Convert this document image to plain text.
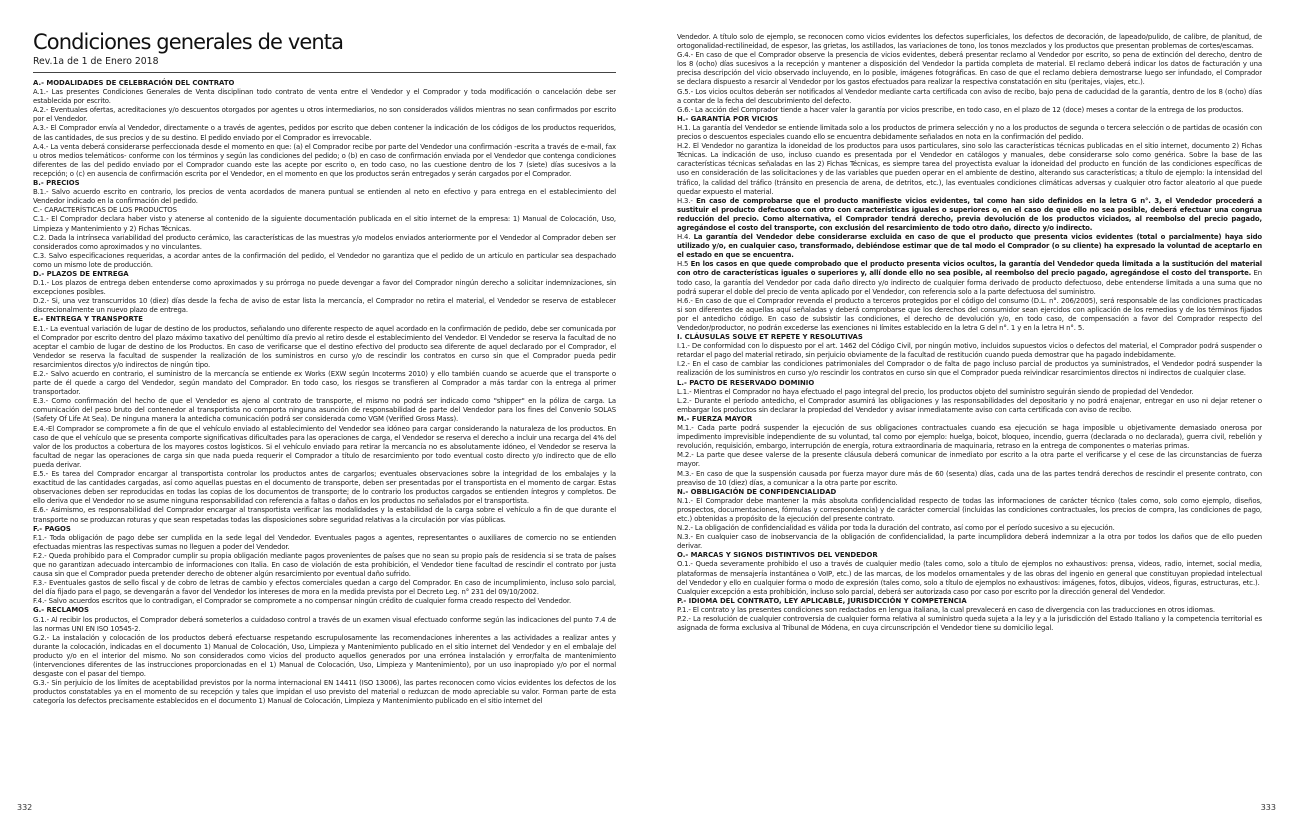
Condiciones generales de venta
Rev.1a de 1 de Enero 2018
A.- MODALIDADES DE CELEBRACIÓN DEL CONTRATO
A.1.- Las presentes Condiciones Generales de Venta disciplinan todo contrato de venta entre el Vendedor y el Comprador y toda modificación o cancelación debe ser establecida por escrito.
A.2.- Eventuales ofertas, acreditaciones y/o descuentos otorgados por agentes u otros intermediarios, no son considerados válidos mientras no sean confirmados por escrito por el Vendedor.
A.3.- El Comprador envía al Vendedor, directamente o a través de agentes, pedidos por escrito que deben contener la indicación de los códigos de los productos requeridos, de las cantidades, de sus precios y de su destino. El pedido enviado por el Comprador es irrevocable.
A.4.- La venta deberá considerarse perfeccionada desde el momento en que: (a) el Comprador recibe por parte del Vendedor una confirmación -escrita a través de e-mail, fax u otros medios telemáticos- conforme con los términos y según las condiciones del pedido; o (b) en caso de confirmación enviada por el Vendedor que contenga condiciones diferentes de las del pedido enviado por el Comprador cuando este las acepte por escrito o, en todo caso, no las cuestione dentro de los 7 (siete) días sucesivos a la recepción; o (c) en ausencia de confirmación escrita por el Vendedor, en el momento en que los productos serán entregados y serán cargados por el Comprador.
B.- PRECIOS
B.1.- Salvo acuerdo escrito en contrario, los precios de venta acordados de manera puntual se entienden al neto en efectivo y para entrega en el establecimiento del Vendedor indicado en la confirmación del pedido.
C.- CARACTERÍSTICAS DE LOS PRODUCTOS
C.1.- El Comprador declara haber visto y atenerse al contenido de la siguiente documentación publicada en el sitio internet de la empresa: 1) Manual de Colocación, Uso, Limpieza y Mantenimiento y 2) Fichas Técnicas.
C.2. Dada la intrínseca variabilidad del producto cerámico, las características de las muestras y/o modelos enviados anteriormente por el Vendedor al Comprador deben ser considerados como aproximados y no vinculantes.
C.3. Salvo especificaciones requeridas, a acordar antes de la confirmación del pedido, el Vendedor no garantiza que el pedido de un artículo en particular sea despachado como un mismo lote de producción.
D.- PLAZOS DE ENTREGA
D.1.- Los plazos de entrega deben entenderse como aproximados y su prórroga no puede devengar a favor del Comprador ningún derecho a solicitar indemnizaciones, sin excepciones posibles.
D.2.- Si, una vez transcurridos 10 (diez) días desde la fecha de aviso de estar lista la mercancía, el Comprador no retira el material, el Vendedor se reserva de establecer discrecionalmente un nuevo plazo de entrega.
E.- ENTREGA Y TRANSPORTE
E.1.- La eventual variación de lugar de destino de los productos, señalando uno diferente respecto de aquel acordado en la confirmación de pedido, debe ser comunicada por el Comprador por escrito dentro del plazo máximo taxativo del penúltimo día previo al retiro desde el establecimiento del Vendedor. El Vendedor se reserva la facultad de no aceptar el cambio de lugar de destino de los Productos. En caso de verificarse que el destino efectivo del producto sea diferente de aquel declarado por el Comprador, el Vendedor se reserva la facultad de suspender la realización de los suministros en curso y/o de rescindir los contratos en curso sin que el Comprador pueda pedir resarcimientos directos y/o indirectos de ningún tipo.
E.2.- Salvo acuerdo en contrario, el suministro de la mercancía se entiende ex Works (EXW según Incoterms 2010) y ello también cuando se acuerde que el transporte o parte de él quede a cargo del Vendedor, según mandato del Comprador. En todo caso, los riesgos se transfieren al Comprador a más tardar con la entrega al primer transportador.
E.3.- Como confirmación del hecho de que el Vendedor es ajeno al contrato de transporte, el mismo no podrá ser indicado como "shipper" en la póliza de carga. La comunicación del peso bruto del contenedor al transportista no comporta ninguna asunción de responsabilidad de parte del Vendedor para los fines del Convenio SOLAS (Safety Of Life At Sea). De ninguna manera la antedicha comunicación podrá ser considerada como VGM (Verified Gross Mass).
E.4.-El Comprador se compromete a fin de que el vehículo enviado al establecimiento del Vendedor sea idóneo para cargar considerando la naturaleza de los productos. En caso de que el vehículo que se presenta comporte significativas dificultades para las operaciones de carga, el Vendedor se reserva el derecho a incluir una recarga del 4% del valor de los productos a cobertura de los mayores costos logísticos. Si el vehículo enviado para retirar la mercancía no es absolutamente idóneo, el Vendedor se reserva la facultad de negar las operaciones de carga sin que nada pueda requerir el Comprador a título de resarcimiento por todo eventual costo directo y/o indirecto que de ello pueda derivar.
E.5.- Es tarea del Comprador encargar al transportista controlar los productos antes de cargarlos; eventuales observaciones sobre la integridad de los embalajes y la exactitud de las cantidades cargadas, así como aquellas puestas en el documento de transporte, deben ser presentadas por el transportista en el momento de cargar. Estas observaciones deben ser reproducidas en todas las copias de los documentos de transporte; de lo contrario los productos cargados se entienden íntegros y completos. De ello deriva que el Vendedor no se asume ninguna responsabilidad con referencia a faltas o daños en los productos no señalados por el transportista.
E.6.- Asimismo, es responsabilidad del Comprador encargar al transportista verificar las modalidades y la estabilidad de la carga sobre el vehículo a fin de que durante el transporte no se produzcan roturas y que sean respetadas todas las disposiciones sobre seguridad relativas a la circulación por vías públicas.
F.- PAGOS
F.1.- Toda obligación de pago debe ser cumplida en la sede legal del Vendedor. Eventuales pagos a agentes, representantes o auxiliares de comercio no se entienden efectuadas mientras las respectivas sumas no lleguen a poder del Vendedor.
F.2.- Queda prohibido para el Comprador cumplir su propia obligación mediante pagos provenientes de países que no sean su propio país de residencia si se trata de países que no garantizan adecuado intercambio de informaciones con Italia. En caso de violación de esta prohibición, el Vendedor tiene facultad de rescindir el contrato por justa causa sin que el Comprador pueda pretender derecho de obtener algún resarcimiento por eventual daño sufrido.
F.3.- Eventuales gastos de sello fiscal y de cobro de letras de cambio y efectos comerciales quedan a cargo del Comprador. En caso de incumplimiento, incluso solo parcial, del día fijado para el pago, se devengarán a favor del Vendedor los intereses de mora en la medida prevista por el Decreto Leg. n° 231 del 09/10/2002.
F.4.- Salvo acuerdos escritos que lo contradigan, el Comprador se compromete a no compensar ningún crédito de cualquier forma creado respecto del Vendedor.
G.- RECLAMOS
G.1.- Al recibir los productos, el Comprador deberá someterlos a cuidadoso control a través de un examen visual efectuado conforme según las indicaciones del punto 7.4 de las normas UNI EN ISO 10545-2.
G.2.- La instalación y colocación de los productos deberá efectuarse respetando escrupulosamente las recomendaciones inherentes a las actividades a realizar antes y durante la colocación, indicadas en el documento 1) Manual de Colocación, Uso, Limpieza y Mantenimiento publicado en el sitio internet del Vendedor y en el embalaje del producto y/o en el interior del mismo. No son considerados como vicios del producto aquellos generados por una errónea instalación y error/falta de mantenimiento (intervenciones diferentes de las instrucciones proporcionadas en el 1) Manual de Colocación, Uso, Limpieza y Mantenimiento), por un uso inapropiado y/o por el normal desgaste con el pasar del tiempo.
G.3.- Sin perjuicio de los límites de aceptabilidad previstos por la norma internacional EN 14411 (ISO 13006), las partes reconocen como vicios evidentes los defectos de los productos constatables ya en el momento de su recepción y tales que impidan el uso previsto del material o reduzcan de modo apreciable su valor. Forman parte de esta categoría los defectos precisamente establecidos en el documento 1) Manual de Colocación, Limpieza y Mantenimiento publicado en el sitio internet del
332
Vendedor. A título solo de ejemplo, se reconocen como vicios evidentes los defectos superficiales, los defectos de decoración, de lapeado/pulido, de calibre, de planitud, de ortogonalidad-rectilineidad, de espesor, las grietas, los astillados, las variaciones de tono, los tonos mezclados y los productos que presentan problemas de cortes/escamas.
G.4.- En caso de que el Comprador observe la presencia de vicios evidentes, deberá presentar reclamo al Vendedor por escrito, so pena de extinción del derecho, dentro de los 8 (ocho) días sucesivos a la recepción y mantener a disposición del Vendedor la partida completa de material. El reclamo deberá indicar los datos de facturación y una precisa descripción del vicio observado incluyendo, en lo posible, imágenes fotográficas. En caso de que el reclamo debiera demostrarse luego ser infundado, el Comprador se declara dispuesto a resarcir al Vendedor por los gastos efectuados para realizar la respectiva constatación en situ (peritajes, viajes, etc.).
G.5.- Los vicios ocultos deberán ser notificados al Vendedor mediante carta certificada con aviso de recibo, bajo pena de caducidad de la garantía, dentro de los 8 (ocho) días a contar de la fecha del descubrimiento del defecto.
G.6.- La acción del Comprador tiende a hacer valer la garantía por vicios prescribe, en todo caso, en el plazo de 12 (doce) meses a contar de la entrega de los productos.
H.- GARANTÍA POR VICIOS
H.1. La garantía del Vendedor se entiende limitada solo a los productos de primera selección y no a los productos de segunda o tercera selección o de partidas de ocasión con precios o descuentos especiales cuando ello se encuentra debidamente señalados en nota en la confirmación del pedido.
H.2. El Vendedor no garantiza la idoneidad de los productos para usos particulares, sino solo las características técnicas publicadas en el sitio internet, documento 2) Fichas Técnicas. La indicación de uso, incluso cuando es presentada por el Vendedor en catálogos y manuales, debe considerarse solo como genérica. Sobre la base de las características técnicas señaladas en las 2) Fichas Técnicas, es siempre tarea del proyectista evaluar la idoneidad del producto en función de las condiciones específicas de uso en consideración de las solicitaciones y de las variables que pueden operar en el ambiente de destino, alterando sus características; a título de ejemplo: la intensidad del tráfico, la calidad del tráfico (tránsito en presencia de arena, de detritos, etc.), las eventuales condiciones climáticas adversas y cualquier otro factor aleatorio al que puede quedar expuesto el material.
H.3.- En caso de comprobarse que el producto manifieste vicios evidentes, tal como han sido definidos en la letra G n°. 3, el Vendedor procederá a sustituir el producto defectuoso con otro con características iguales o superiores o, en el caso de que ello no sea posible, deberá efectuar una congrua reducción del precio. Como alternativa, el Comprador tendrá derecho, previa devolución de los productos viciados, al reembolso del precio pagado, agregándose el costo del transporte, con exclusión del resarcimiento de todo otro daño, directo y/o indirecto.
H.4. La garantía del Vendedor debe considerarse excluida en caso de que el producto que presenta vicios evidentes (total o parcialmente) haya sido utilizado y/o, en cualquier caso, transformado, debiéndose estimar que de tal modo el Comprador (o su cliente) ha expresado la voluntad de aceptarlo en el estado en que se encuentra.
H.5 En los casos en que quede comprobado que el producto presenta vicios ocultos, la garantía del Vendedor queda limitada a la sustitución del material con otro de características iguales o superiores y, allí donde ello no sea posible, al reembolso del precio pagado, agregándose el costo del transporte. En todo caso, la garantía del Vendedor por cada daño directo y/o indirecto de cualquier forma derivado de producto defectuoso, debe entenderse limitada a una suma que no podrá superar el doble del precio de venta aplicado por el Vendedor, con referencia solo a la parte defectuosa del suministro.
H.6.- En caso de que el Comprador revenda el producto a terceros protegidos por el código del consumo (D.L. n°. 206/2005), será responsable de las condiciones practicadas si son diferentes de aquellas aquí señaladas y deberá comprobarse que los derechos del consumidor sean ejercidos con aplicación de los remedios y de los términos fijados por el antedicho código. En caso de subsistir las condiciones, el derecho de devolución y/o, en todo caso, de compensación a favor del Comprador respecto del Vendedor/productor, no podrán excederse las exenciones ni límites establecido en la letra G del n°. 1 y en la letra H n°. 5.
I. CLÁUSULAS SOLVE ET REPETE Y RESOLUTIVAS
I.1.- De conformidad con lo dispuesto por el art. 1462 del Código Civil, por ningún motivo, incluidos supuestos vicios o defectos del material, el Comprador podrá suspender o retardar el pago del material retirado, sin perjuicio obviamente de la facultad de restitución cuando pueda demostrar que ha pagado indebidamente.
I.2.- En el caso de cambiar las condiciones patrimoniales del Comprador o de falta de pago incluso parcial de productos ya suministrados, el Vendedor podrá suspender la realización de los suministros en curso y/o rescindir los contratos en curso sin que el Comprador pueda reivindicar resarcimientos directos ni indirectos de cualquier clase.
L.- PACTO DE RESERVADO DOMINIO
L.1.- Mientras el Comprador no haya efectuado el pago integral del precio, los productos objeto del suministro seguirán siendo de propiedad del Vendedor.
L.2.- Durante el período antedicho, el Comprador asumirá las obligaciones y las responsabilidades del depositario y no podrá enajenar, entregar en uso ni dejar retener o embargar los productos sin declarar la propiedad del Vendedor y avisar inmediatamente aviso con carta certificada con aviso de recibo.
M.- FUERZA MAYOR
M.1.- Cada parte podrá suspender la ejecución de sus obligaciones contractuales cuando esa ejecución se haga imposible u objetivamente demasiado onerosa por impedimento imprevisible independiente de su voluntad, tal como por ejemplo: huelga, boicot, bloqueo, incendio, guerra (declarada o no declarada), guerra civil, rebelión y revolución, requisición, embargo, interrupción de energía, rotura extraordinaria de maquinaria, retraso en la entrega de componentes o materias primas.
M.2.- La parte que desee valerse de la presente cláusula deberá comunicar de inmediato por escrito a la otra parte el verificarse y el cese de las circunstancias de fuerza mayor.
M.3.- En caso de que la suspensión causada por fuerza mayor dure más de 60 (sesenta) días, cada una de las partes tendrá derechos de rescindir el presente contrato, con preaviso de 10 (diez) días, a comunicar a la otra parte por escrito.
N.- OBBLIGACIÓN DE CONFIDENCIALIDAD
N.1.- El Comprador debe mantener la más absoluta confidencialidad respecto de todas las informaciones de carácter técnico (tales como, solo como ejemplo, diseños, prospectos, documentaciones, fórmulas y correspondencia) y de carácter comercial (incluidas las condiciones contractuales, los precios de compra, las condiciones de pago, etc.) obtenidas a propósito de la ejecución del presente contrato.
N.2.- La obligación de confidencialidad es válida por toda la duración del contrato, así como por el período sucesivo a su ejecución.
N.3.- En cualquier caso de inobservancia de la obligación de confidencialidad, la parte incumplidora deberá indemnizar a la otra por todos los daños que de ello pueden derivar.
O.- MARCAS Y SIGNOS DISTINTIVOS DEL VENDEDOR
O.1.- Queda severamente prohibido el uso a través de cualquier medio (tales como, solo a título de ejemplos no exhaustivos: prensa, videos, radio, internet, social media, plataformas de mensajería instantánea o VoIP, etc.) de las marcas, de los modelos ornamentales y de las obras del ingenio en general que constituyan propiedad intelectual del Vendedor y ello en cualquier forma o modo de expresión (tales como, solo a título de ejemplos no exhaustivos: imágenes, fotos, dibujos, videos, figuras, estructuras, etc.).
Cualquier excepción a esta prohibición, incluso solo parcial, deberá ser autorizada caso por caso por escrito por la dirección general del Vendedor.
P.- IDIOMA DEL CONTRATO, LEY APLICABLE, JURISDICCIÓN Y COMPETENCIA
P.1.- El contrato y las presentes condiciones son redactados en lengua italiana, la cual prevalecerá en caso de divergencia con las traducciones en otros idiomas.
P.2.- La resolución de cualquier controversia de cualquier forma relativa al suministro queda sujeta a la ley y a la jurisdicción del Estado Italiano y la competencia territorial es asignada de forma exclusiva al Tribunal de Módena, en cuya circunscripción el Vendedor tiene su domicilio legal.
333
